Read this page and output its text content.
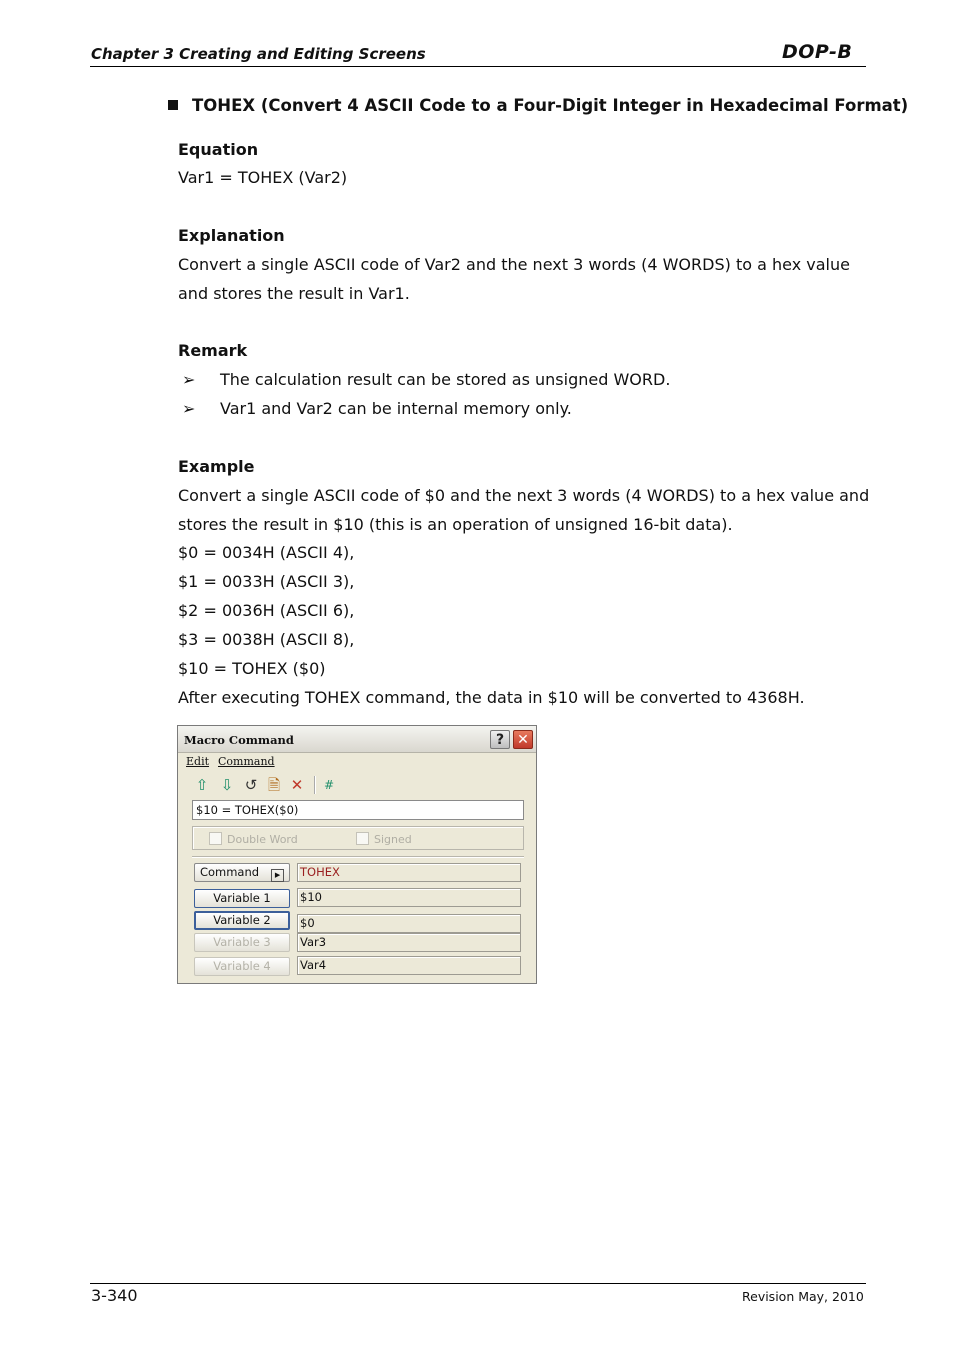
Chapter 3 Creating and Editing Screens	DOP-B
TOHEX (Convert 4 ASCII Code to a Four-Digit Integer in Hexadecimal Format)
Equation
Var1 = TOHEX (Var2)
Explanation
Convert a single ASCII code of Var2 and the next 3 words (4 WORDS) to a hex value
and stores the result in Var1.
Remark
➢ The calculation result can be stored as unsigned WORD.
➢ Var1 and Var2 can be internal memory only.
Example
Convert a single ASCII code of $0 and the next 3 words (4 WORDS) to a hex value and
stores the result in $10 (this is an operation of unsigned 16-bit data).
$0 = 0034H (ASCII 4),
$1 = 0033H (ASCII 3),
$2 = 0036H (ASCII 6),
$3 = 0038H (ASCII 8),
$10 = TOHEX ($0)
After executing TOHEX command, the data in $10 will be converted to 4368H.
Macro Command	? ✕
Edit Command
⇧ ⇩ ↺ 🗎 ✕	#
$10 = TOHEX($0)
Double Word	Signed
Command ▶	TOHEX
Variable 1	$10
Variable 2	$0
Variable 3	Var3
Variable 4	Var4
3-340	Revision May, 2010
